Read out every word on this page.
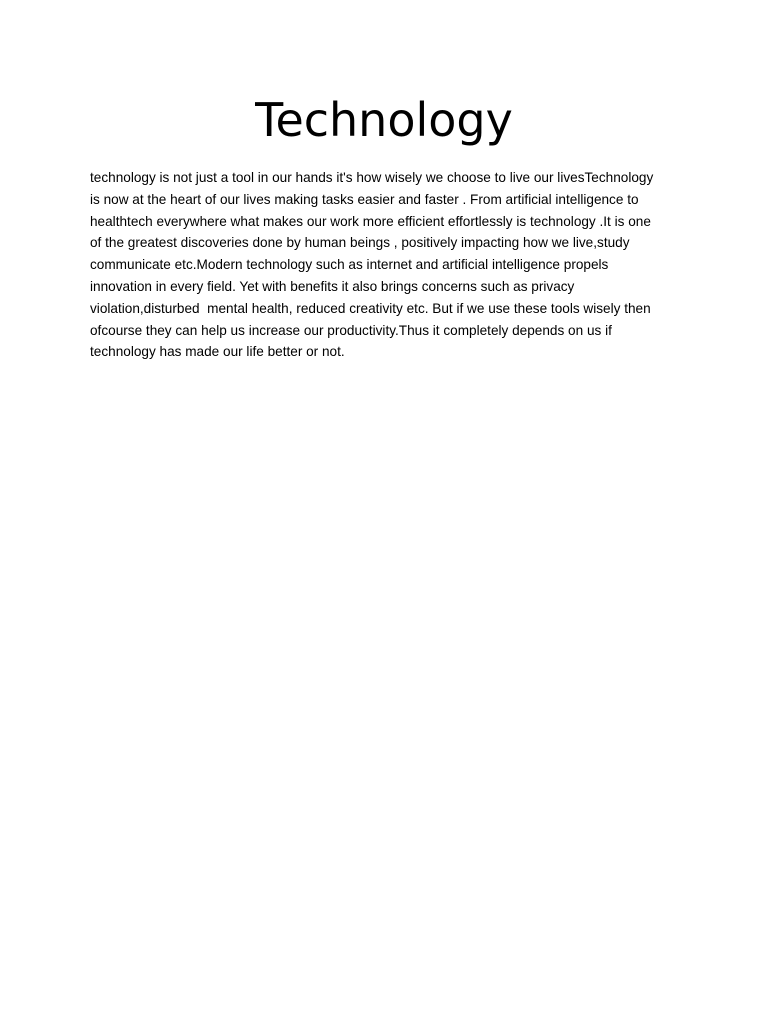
Technology

technology is not just a tool in our hands it's how wisely we choose to live our livesTechnology
is now at the heart of our lives making tasks easier and faster . From artificial intelligence to
healthtech everywhere what makes our work more efficient effortlessly is technology .It is one
of the greatest discoveries done by human beings , positively impacting how we live,study
communicate etc.Modern technology such as internet and artificial intelligence propels
innovation in every field. Yet with benefits it also brings concerns such as privacy
violation,disturbed  mental health, reduced creativity etc. But if we use these tools wisely then
ofcourse they can help us increase our productivity.Thus it completely depends on us if
technology has made our life better or not.
